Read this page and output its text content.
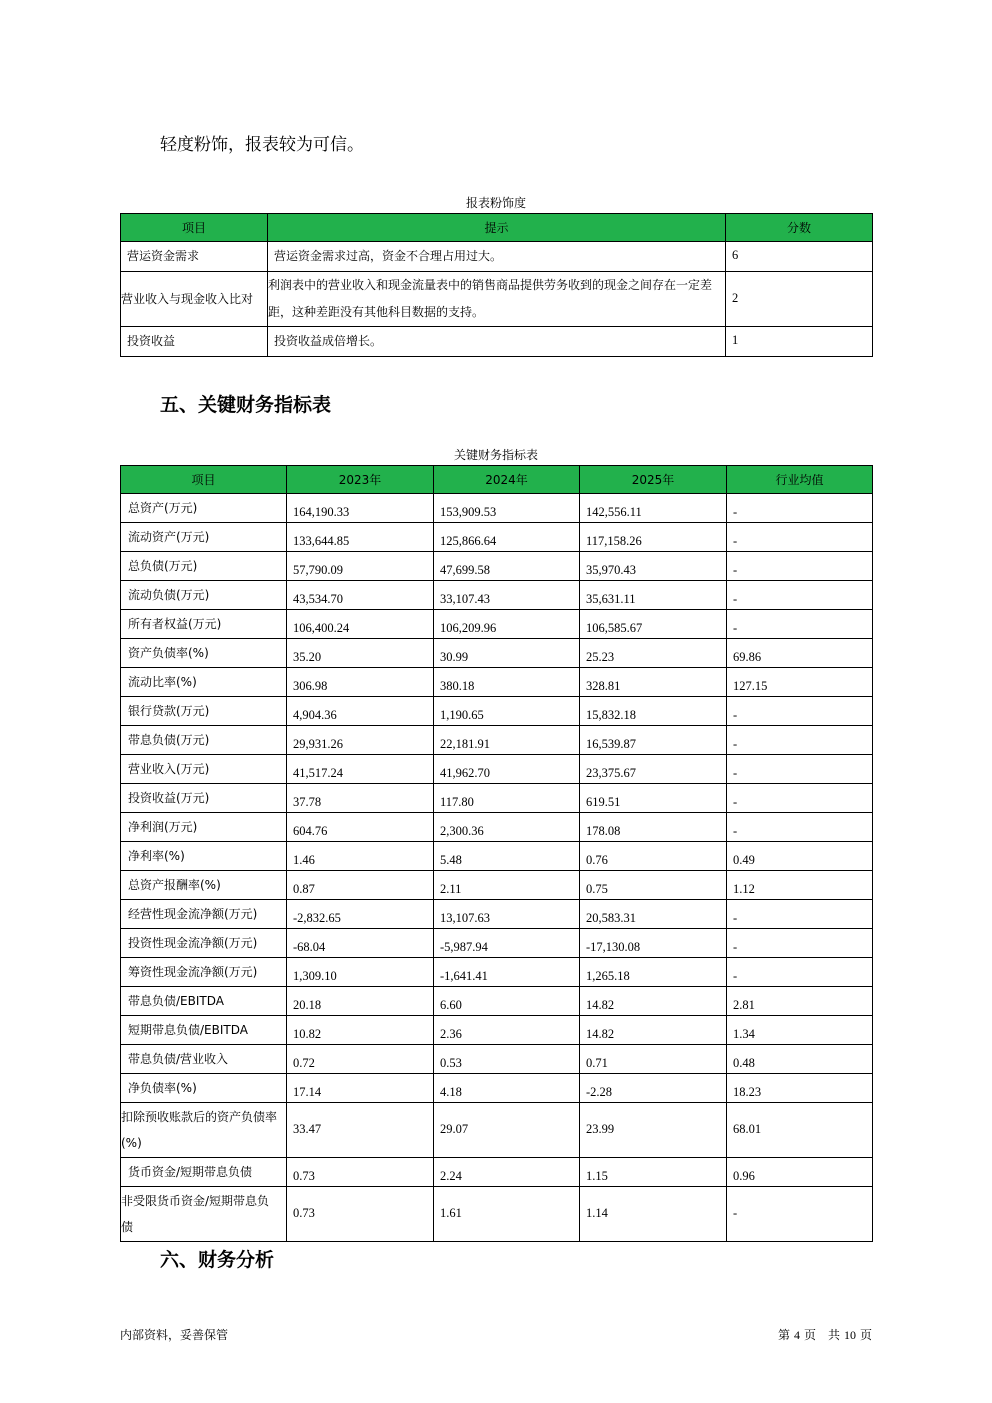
轻度粉饰，报表较为可信。
报表粉饰度
项目	提示	分数
营运资金需求	营运资金需求过高，资金不合理占用过大。	6
营业收入与现金收入比对	利润表中的营业收入和现金流量表中的销售商品提供劳务收到的现金之间存在一定差距，这种差距没有其他科目数据的支持。	2
投资收益	投资收益成倍增长。	1
五、关键财务指标表
关键财务指标表
项目	2023年	2024年	2025年	行业均值
总资产(万元)	164,190.33	153,909.53	142,556.11	-
流动资产(万元)	133,644.85	125,866.64	117,158.26	-
总负债(万元)	57,790.09	47,699.58	35,970.43	-
流动负债(万元)	43,534.70	33,107.43	35,631.11	-
所有者权益(万元)	106,400.24	106,209.96	106,585.67	-
资产负债率(%)	35.20	30.99	25.23	69.86
流动比率(%)	306.98	380.18	328.81	127.15
银行贷款(万元)	4,904.36	1,190.65	15,832.18	-
带息负债(万元)	29,931.26	22,181.91	16,539.87	-
营业收入(万元)	41,517.24	41,962.70	23,375.67	-
投资收益(万元)	37.78	117.80	619.51	-
净利润(万元)	604.76	2,300.36	178.08	-
净利率(%)	1.46	5.48	0.76	0.49
总资产报酬率(%)	0.87	2.11	0.75	1.12
经营性现金流净额(万元)	-2,832.65	13,107.63	20,583.31	-
投资性现金流净额(万元)	-68.04	-5,987.94	-17,130.08	-
筹资性现金流净额(万元)	1,309.10	-1,641.41	1,265.18	-
带息负债/EBITDA	20.18	6.60	14.82	2.81
短期带息负债/EBITDA	10.82	2.36	14.82	1.34
带息负债/营业收入	0.72	0.53	0.71	0.48
净负债率(%)	17.14	4.18	-2.28	18.23
扣除预收账款后的资产负债率(%)	33.47	29.07	23.99	68.01
货币资金/短期带息负债	0.73	2.24	1.15	0.96
非受限货币资金/短期带息负债	0.73	1.61	1.14	-
六、财务分析
内部资料，妥善保管	第 4 页　共 10 页
